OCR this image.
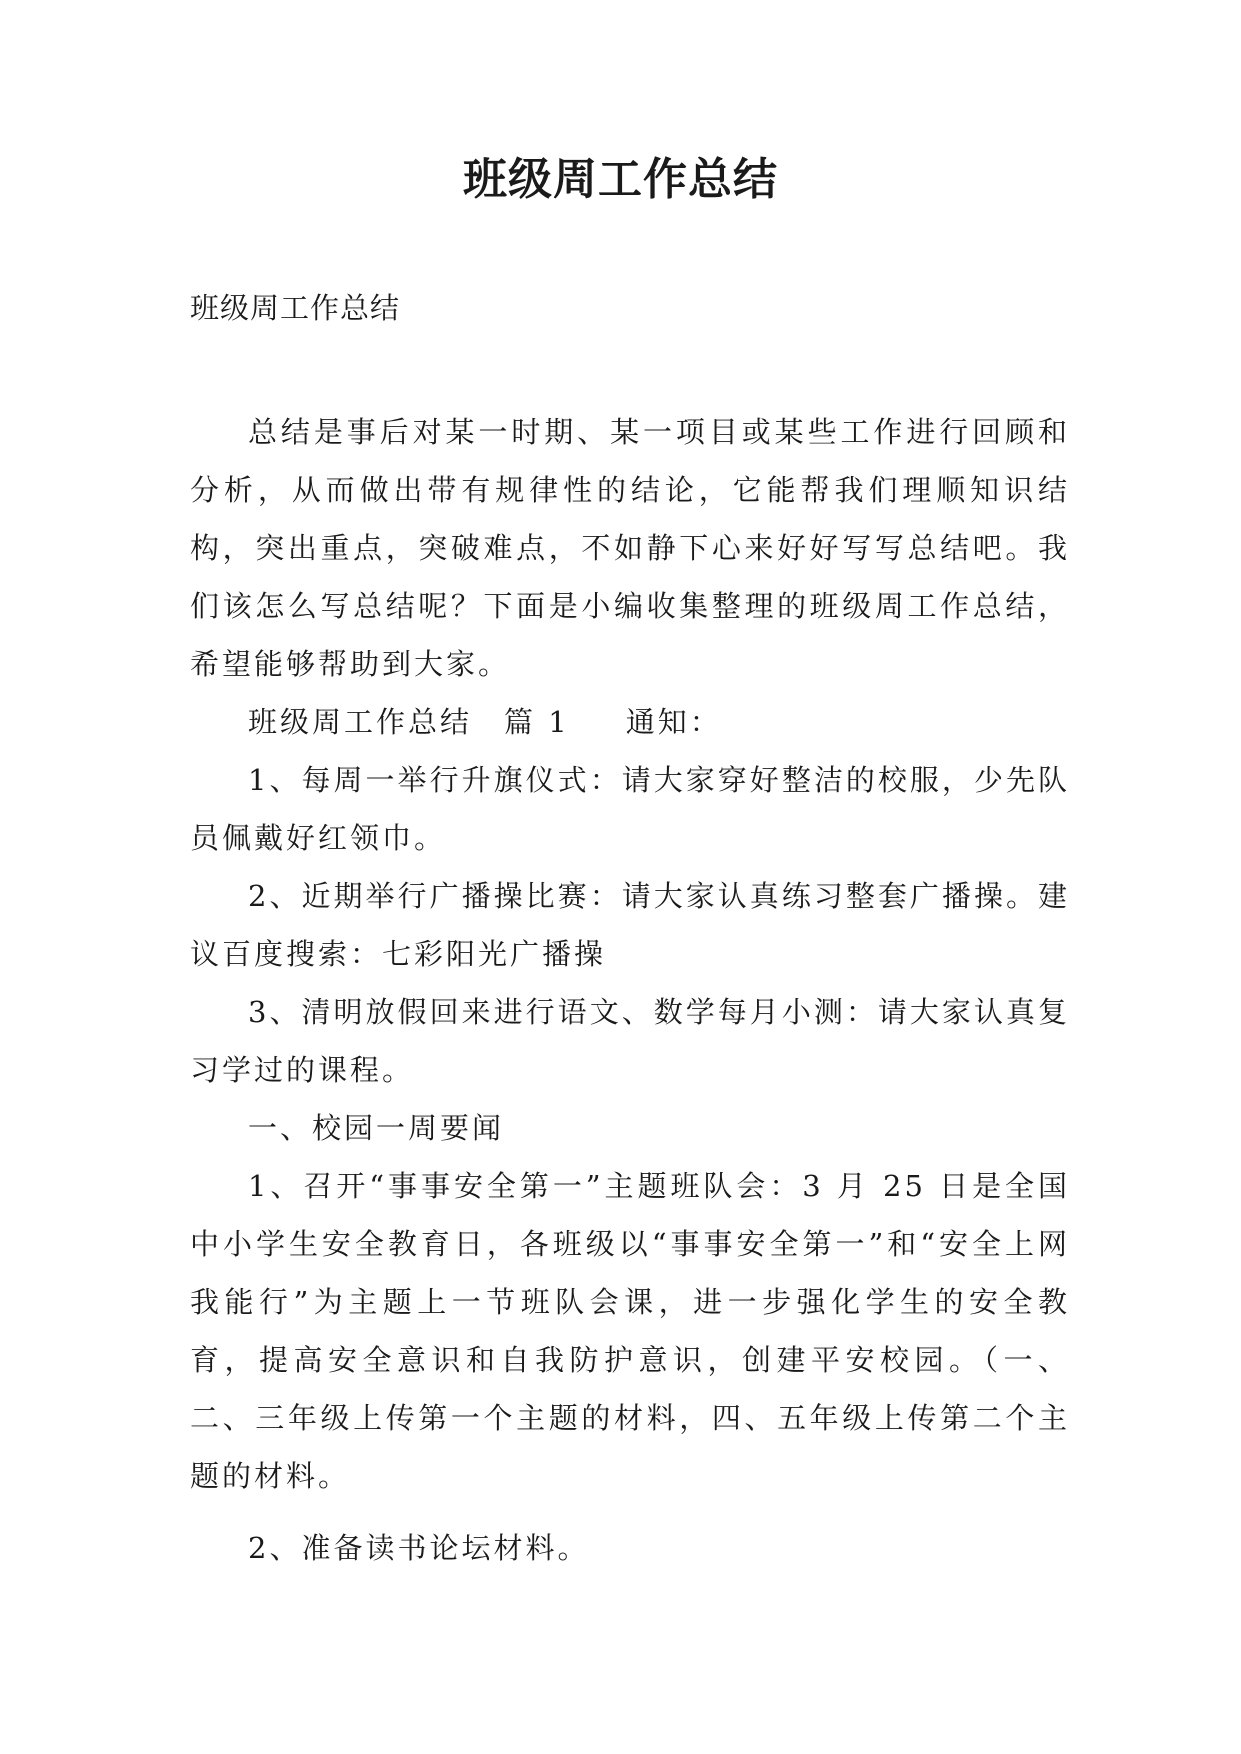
班级周工作总结

班级周工作总结

总结是事后对某一时期、某一项目或某些工作进行回顾和分析，从而做出带有规律性的结论，它能帮我们理顺知识结构，突出重点，突破难点，不如静下心来好好写写总结吧。我们该怎么写总结呢？下面是小编收集整理的班级周工作总结，希望能够帮助到大家。

班级周工作总结 篇 1 通知：

1、每周一举行升旗仪式：请大家穿好整洁的校服，少先队员佩戴好红领巾。

2、近期举行广播操比赛：请大家认真练习整套广播操。建议百度搜索：七彩阳光广播操

3、清明放假回来进行语文、数学每月小测：请大家认真复习学过的课程。

一、校园一周要闻

1、召开“事事安全第一”主题班队会：3 月 25 日是全国中小学生安全教育日，各班级以“事事安全第一”和“安全上网我能行”为主题上一节班队会课，进一步强化学生的安全教育，提高安全意识和自我防护意识，创建平安校园。（一、二、三年级上传第一个主题的材料，四、五年级上传第二个主题的材料。

2、准备读书论坛材料。
